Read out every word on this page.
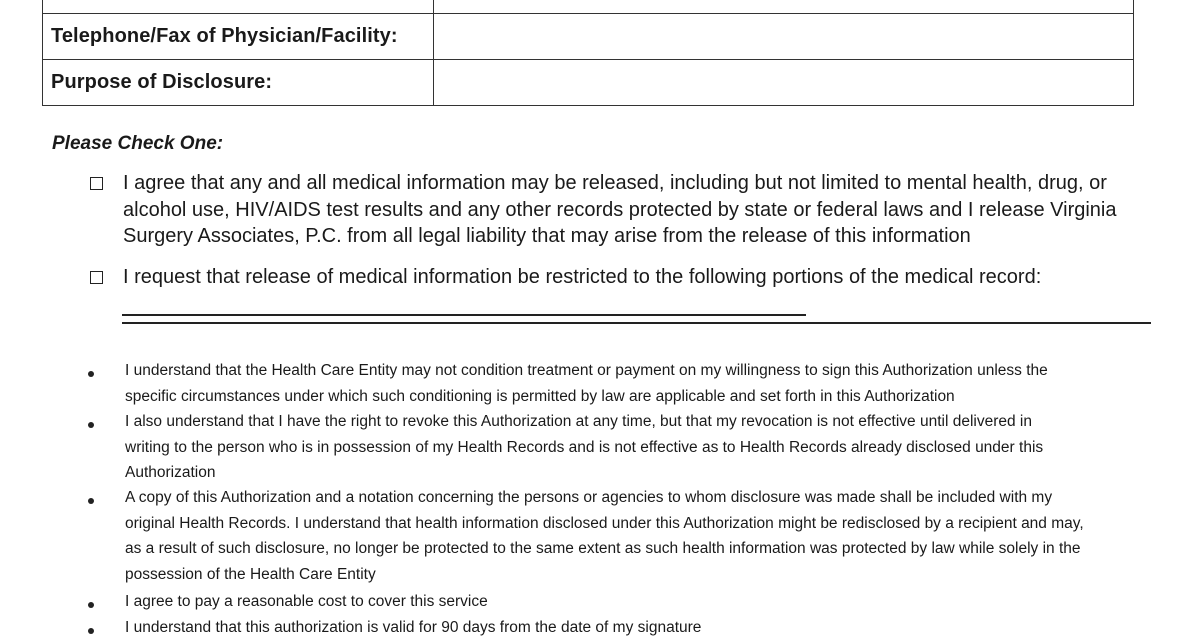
Telephone/Fax of Physician/Facility:
Purpose of Disclosure:
Please Check One:
I agree that any and all medical information may be released, including but not limited to mental health, drug, or
alcohol use, HIV/AIDS test results and any other records protected by state or federal laws and I release Virginia
Surgery Associates, P.C. from all legal liability that may arise from the release of this information
I request that release of medical information be restricted to the following portions of the medical record:
I understand that the Health Care Entity may not condition treatment or payment on my willingness to sign this Authorization unless the
specific circumstances under which such conditioning is permitted by law are applicable and set forth in this Authorization
I also understand that I have the right to revoke this Authorization at any time, but that my revocation is not effective until delivered in
writing to the person who is in possession of my Health Records and is not effective as to Health Records already disclosed under this
Authorization
A copy of this Authorization and a notation concerning the persons or agencies to whom disclosure was made shall be included with my
original Health Records. I understand that health information disclosed under this Authorization might be redisclosed by a recipient and may,
as a result of such disclosure, no longer be protected to the same extent as such health information was protected by law while solely in the
possession of the Health Care Entity
I agree to pay a reasonable cost to cover this service
I understand that this authorization is valid for 90 days from the date of my signature
